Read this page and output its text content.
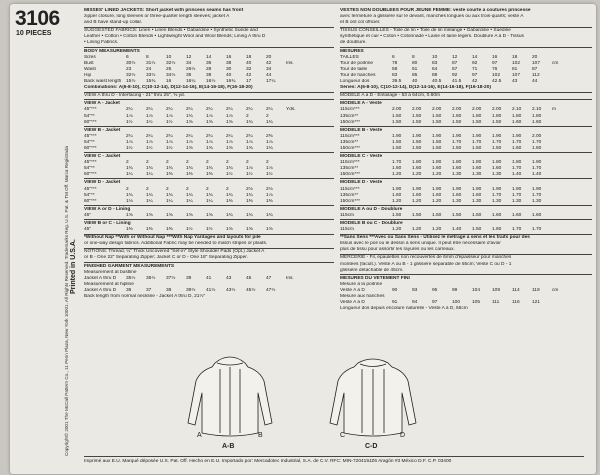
3106
10 PIECES
Printed in U.S.A.
Copyright© 2001 The McCall Pattern Co., 11 Penn Plaza, New York 10001. All Rights Reserved. Trademarks Reg. U.S. Pat. & TM Off. Marca Registrada
MISSES' LINED JACKETS: Short jacket with princess seams has front
zipper closure, long sleeves or three-quarter length sleeves; jacket A
and B have stand-up collar.
SUGGESTED FABRICS: Linen • Linen Blends • Gabardine • Synthetic Suede and
Leather • Cotton • Cotton Blends • Lightweight Wool and Wool Blends; Lining A thru D
• Lining Fabrics.
BODY MEASUREMENTS
Sizes	6	8	10	12	14	16	18	20
Bust	30½	31½	32½	34	36	38	40	42	Ins.
Waist	23	24	25	26½	28	30	32	34
Hip	32½	33½	34½	36	38	40	42	44
Back waist length 15½	15¾	16	16¼	16½	16¾	17	17¼
Combinations: A(6-8-10), C(10-12-14), D(12-14-16), E(14-16-18), F(16-18-20)
VIEW A thru D - Interfacing - 21" thru 25", ⅝ yd.
VIEW A - Jacket
45"***	2¼	2¼	2¼	2¼	2¼	2¼	2¼	2¼	Yds.
54"**	1⅞	1⅞	1⅞	1¾	1⅞	1⅞	2	2
60"***	1½	1½	1½	1⅝	1⅝	1⅝	1¾	1¾
VIEW B - Jacket
45"***	2¼	2¼	2¼	2¼	2¼	2¼	2¼	2⅜
54"**	1⅞	1⅞	1⅞	1⅞	1⅞	1⅞	1⅞	1⅞
60"***	1½	1½	1½	1⅝	1⅝	1⅝	1⅝	1¾
VIEW C - Jacket
45"***	2	2	2	2	2	2	2	2
54"**	1¾	1¾	1¾	1¾	1¾	1¾	1⅞	1⅞
60"***	1¼	1¼	1⅜	1⅜	1⅜	1½	1½	1½
VIEW D - Jacket
45"***	2	2	2	2	2	2	2⅛	2⅛
54"**	1¾	1¾	1¾	1¾	1¾	1¾	1¾	1⅞
60"***	1⅛	1¼	1¼	1¼	1¼	1⅜	1⅜	1⅜
VIEW A or D - Lining
45"	1⅝	1⅝	1⅝	1⅝	1⅝	1¾	1¾	1¾
VIEW B or C - Lining
45"	1⅜	1⅜	1⅜	1½	1½	1⅝	1⅝	1⅝
*Without Nap **With or Without Nap ***With Nap Yardages and layouts for pile
or one-way design fabrics. Additional Fabric may be needed to match stripes or plaids.
NOTIONS: Thread, ¼" Thick Uncovered "Set-in" Style Shoulder Pads (Opt.) Jacket A
or B - One 22" Separating Zipper; Jacket C or D - One 18" Separating Zipper.
FINISHED GARMENT MEASUREMENTS
Measurement at bustline
Jacket A thru D	35½	36½	37½	39	41	43	45	47	Ins.
Measurement at hipline
Jacket A thru D	36	37	38	39½	41½	43½	45½	47½
Back length from normal neckline - Jacket A thru D, 21½"
VESTES NON DOUBLEES POUR JEUNE FEMME: veste courte à coutures princesse
avec fermeture à glissière sur le devant, manches longues ou aux trois-quarts; veste A
et B ont col officier.
TISSUS CONSEILLES - Toile de lin • Toile de lin mélangé • Gabardine • Suédine
synthétique et cuir • Coton • Cotonnade • Laine et laine légers. Doublure A à D - Tissus
de doublure.
MESURES
TAILLES	6	8	10	12	14	16	18	20
Tour de poitrine	78	80	83	87	92	97	102	107	cm
Tour de taille	58	61	64	67	71	76	81	87
Tour de hanches	83	85	88	92	97	102	107	112
Longueur dos	39.5	40	40.5	41.5	42	42.5	43	44
Séries: A(6-8-10), C(10-12-14), D(12-14-16), E(14-16-18), F(16-18-20)
MODELE A à D - Entoilage - 53 à 64cm, 0.60m
MODELE A - Veste
115cm***	2.00	2.00	2.00	2.00	2.00	2.00	2.10	2.10	m
135cm**	1.50	1.50	1.50	1.60	1.80	1.80	1.80	1.80
150cm***	1.50	1.50	1.50	1.50	1.50	1.50	1.60	1.60
MODELE B - Veste
115cm***	1.90	1.90	1.90	1.90	1.90	1.90	1.90	2.00
135cm**	1.50	1.50	1.50	1.70	1.70	1.70	1.70	1.70
150cm***	1.50	1.50	1.50	1.50	1.50	1.50	1.60	1.60
MODELE C - Veste
115cm***	1.70	1.80	1.80	1.80	1.80	1.80	1.80	1.90
135cm**	1.60	1.60	1.60	1.60	1.60	1.60	1.70	1.70
150cm***	1.20	1.20	1.20	1.30	1.30	1.30	1.40	1.40
MODELE D - Veste
115cm***	1.90	1.90	1.90	1.90	1.90	1.90	1.90	1.90
135cm**	1.60	1.60	1.60	1.60	1.60	1.70	1.70	1.70
150cm***	1.20	1.20	1.20	1.30	1.30	1.30	1.30	1.30
MODELE A ou D - Doublure
115cm	1.50	1.50	1.50	1.50	1.50	1.60	1.60	1.60
MODELE B ou C - Doublure
115cm	1.20	1.20	1.20	1.40	1.50	1.60	1.70	1.70
**Sans Sens ***Avec ou Sans Sens - Utilisez le métrage à sens et les traits pour des
tissus avec le poil ou le dessin à sens unique. Il peut être nécessaire d'avoir
plus de tissu pour assortir les rayures ou les carreaux.
MERCERIE - Fil, épaulettes non recouvertes de 6mm d'épaisseur pour manches
montées (facult.). Veste A ou B - 1 glissière séparable de 55cm; Veste C ou D - 1
glissière détachable de 45cm.
MESURES DU VETEMENT FINI
Mesure à la poitrine
Veste A à D	90	93	95	99	104	109	114	119	cm
Mesure aux hanches
Veste A à D	91	94	97	100	105	111	116	121
Longueur dos depuis encolure naturelle - Veste A à D, 55cm
A	B
A-B
C	D
C-D
Imprimé aux E.U. Marqué déposée U.S. Pat. Off. Hecho en E.U. Importado por: Mercadotec Industrial, S.A. de C.V. RFC: MIN-720419JZ6 Aragón #3 México D.F. C.P. 03400
